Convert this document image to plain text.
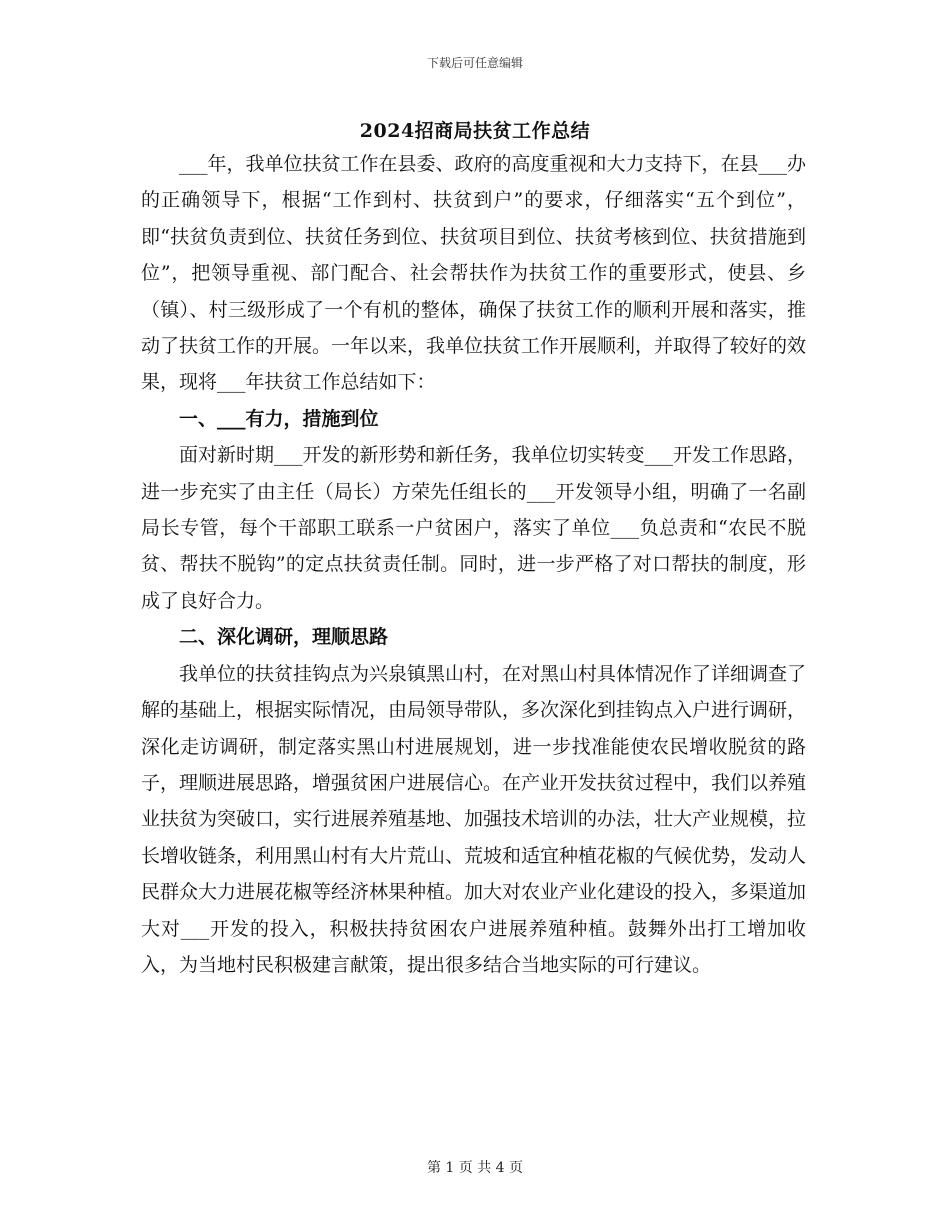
下载后可任意编辑
2024招商局扶贫工作总结

___年，我单位扶贫工作在县委、政府的高度重视和大力支持下，在县___办的正确领导下，根据“工作到村、扶贫到户”的要求，仔细落实“五个到位”，即“扶贫负责到位、扶贫任务到位、扶贫项目到位、扶贫考核到位、扶贫措施到位”，把领导重视、部门配合、社会帮扶作为扶贫工作的重要形式，使县、乡（镇）、村三级形成了一个有机的整体，确保了扶贫工作的顺利开展和落实，推动了扶贫工作的开展。一年以来，我单位扶贫工作开展顺利，并取得了较好的效果，现将___年扶贫工作总结如下：

一、___有力，措施到位

面对新时期___开发的新形势和新任务，我单位切实转变___开发工作思路，进一步充实了由主任（局长）方荣先任组长的___开发领导小组，明确了一名副局长专管，每个干部职工联系一户贫困户，落实了单位___负总责和“农民不脱贫、帮扶不脱钩”的定点扶贫责任制。同时，进一步严格了对口帮扶的制度，形成了良好合力。

二、深化调研，理顺思路

我单位的扶贫挂钩点为兴泉镇黑山村，在对黑山村具体情况作了详细调查了解的基础上，根据实际情况，由局领导带队，多次深化到挂钩点入户进行调研，深化走访调研，制定落实黑山村进展规划，进一步找准能使农民增收脱贫的路子，理顺进展思路，增强贫困户进展信心。在产业开发扶贫过程中，我们以养殖业扶贫为突破口，实行进展养殖基地、加强技术培训的办法，壮大产业规模，拉长增收链条，利用黑山村有大片荒山、荒坡和适宜种植花椒的气候优势，发动人民群众大力进展花椒等经济林果种植。加大对农业产业化建设的投入，多渠道加大对___开发的投入，积极扶持贫困农户进展养殖种植。鼓舞外出打工增加收入，为当地村民积极建言献策，提出很多结合当地实际的可行建议。

第 1 页 共 4 页
